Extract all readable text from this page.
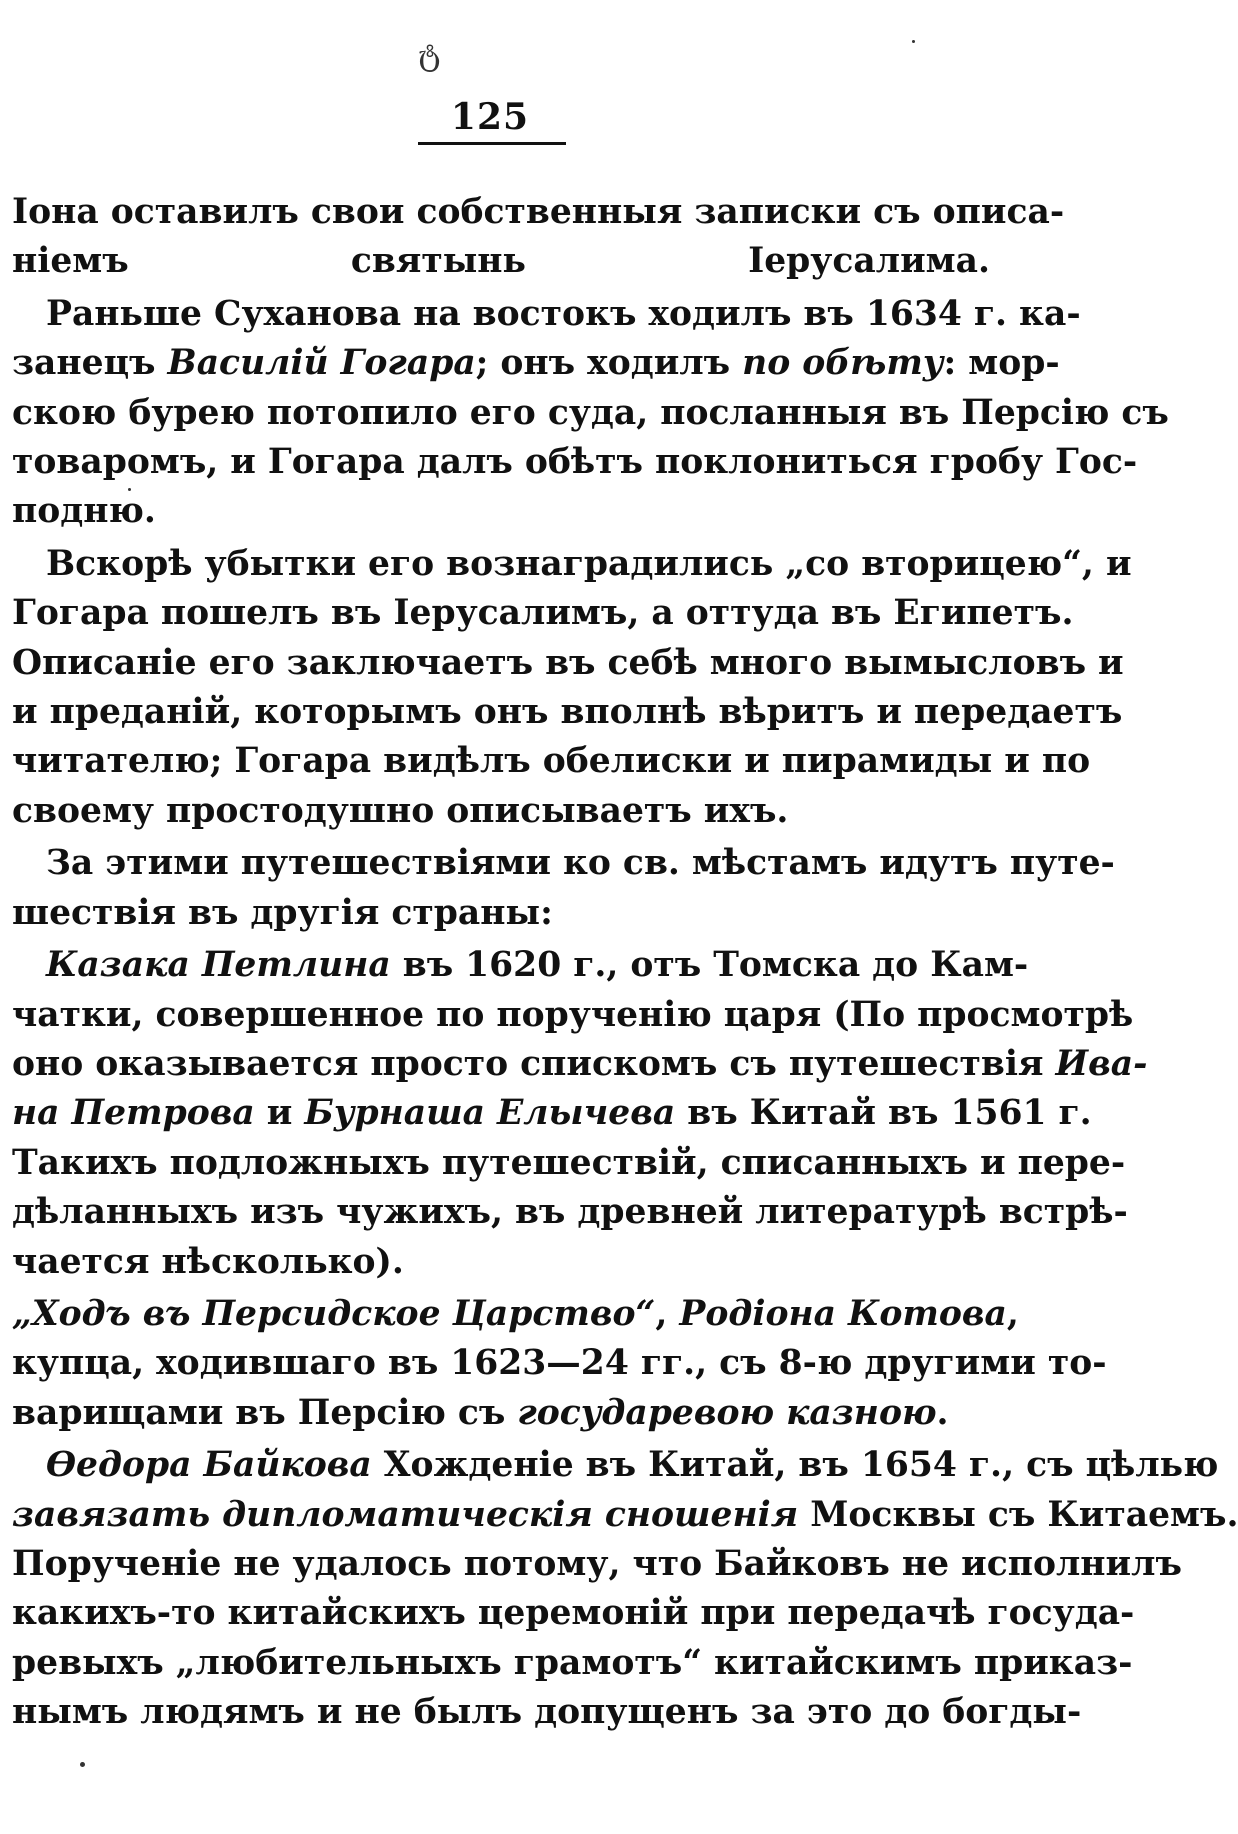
ტ
125
Іона оставилъ свои собственныя записки съ описа-
ніемъ святынь Іерусалима.
Раньше Суханова на востокъ ходилъ въ 1634 г. ка-
занецъ Василій Гогара; онъ ходилъ по обѣту: мор-
скою бурею потопило его суда, посланныя въ Персію съ
товаромъ, и Гогара далъ обѣтъ поклониться гробу Гос-
подню.
Вскорѣ убытки его вознаградились „со вторицею“, и
Гогара пошелъ въ Іерусалимъ, а оттуда въ Египетъ.
Описаніе его заключаетъ въ себѣ много вымысловъ и
и преданій, которымъ онъ вполнѣ вѣритъ и передаетъ
читателю; Гогара видѣлъ обелиски и пирамиды и по
своему простодушно описываетъ ихъ.
За этими путешествіями ко св. мѣстамъ идутъ путе-
шествія въ другія страны:
Казака Петлина въ 1620 г., отъ Томска до Кам-
чатки, совершенное по порученію царя (По просмотрѣ
оно оказывается просто спискомъ съ путешествія Ива-
на Петрова и Бурнаша Елычева въ Китай въ 1561 г.
Такихъ подложныхъ путешествій, списанныхъ и пере-
дѣланныхъ изъ чужихъ, въ древней литературѣ встрѣ-
чается нѣсколько).
„Ходъ въ Персидское Царство“, Родіона Котова,
купца, ходившаго въ 1623—24 гг., съ 8-ю другими то-
варищами въ Персію съ государевою казною.
Ѳедора Байкова Хожденіе въ Китай, въ 1654 г., съ цѣлью
завязать дипломатическія сношенія Москвы съ Китаемъ.
Порученіе не удалось потому, что Байковъ не исполнилъ
какихъ-то китайскихъ церемоній при передачѣ госуда-
ревыхъ „любительныхъ грамотъ“ китайскимъ приказ-
нымъ людямъ и не былъ допущенъ за это до богды-
